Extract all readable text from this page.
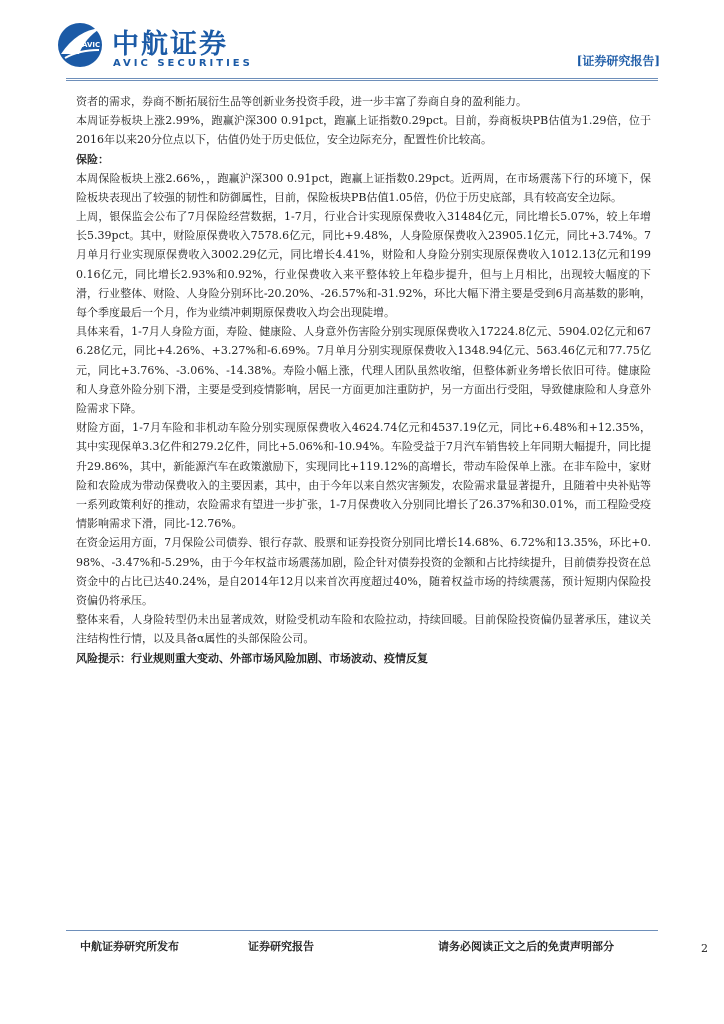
AVIC 中航证券
AVIC SECURITIES	[证券研究报告]

资者的需求，券商不断拓展衍生品等创新业务投资手段，进一步丰富了券商自身的盈利能力。

本周证券板块上涨2.99%，跑赢沪深300 0.91pct，跑赢上证指数0.29pct。目前，券商板块PB估值为1.29倍，位于2016年以来20分位点以下，估值仍处于历史低位，安全边际充分，配置性价比较高。

保险：

本周保险板块上涨2.66%，，跑赢沪深300 0.91pct，跑赢上证指数0.29pct。近两周，在市场震荡下行的环境下，保险板块表现出了较强的韧性和防御属性，目前，保险板块PB估值1.05倍，仍位于历史底部，具有较高安全边际。

上周，银保监会公布了7月保险经营数据，1-7月，行业合计实现原保费收入31484亿元，同比增长5.07%，较上年增长5.39pct。其中，财险原保费收入7578.6亿元，同比+9.48%，人身险原保费收入23905.1亿元，同比+3.74%。7月单月行业实现原保费收入3002.29亿元，同比增长4.41%，财险和人身险分别实现原保费收入1012.13亿元和1990.16亿元，同比增长2.93%和0.92%，行业保费收入来平整体较上年稳步提升，但与上月相比，出现较大幅度的下滑，行业整体、财险、人身险分别环比-20.20%、-26.57%和-31.92%，环比大幅下滑主要是受到6月高基数的影响，每个季度最后一个月，作为业绩冲刺期原保费收入均会出现陡增。

具体来看，1-7月人身险方面，寿险、健康险、人身意外伤害险分别实现原保费收入17224.8亿元、5904.02亿元和676.28亿元，同比+4.26%、+3.27%和-6.69%。7月单月分别实现原保费收入1348.94亿元、563.46亿元和77.75亿元，同比+3.76%、-3.06%、-14.38%。寿险小幅上涨，代理人团队虽然收缩，但整体新业务增长依旧可待。健康险和人身意外险分别下滑，主要是受到疫情影响，居民一方面更加注重防护，另一方面出行受阻，导致健康险和人身意外险需求下降。

财险方面，1-7月车险和非机动车险分别实现原保费收入4624.74亿元和4537.19亿元，同比+6.48%和+12.35%，其中实现保单3.3亿件和279.2亿件，同比+5.06%和-10.94%。车险受益于7月汽车销售较上年同期大幅提升，同比提升29.86%，其中，新能源汽车在政策激励下，实现同比+119.12%的高增长，带动车险保单上涨。在非车险中，家财险和农险成为带动保费收入的主要因素，其中，由于今年以来自然灾害频发，农险需求量显著提升，且随着中央补贴等一系列政策利好的推动，农险需求有望进一步扩张，1-7月保费收入分别同比增长了26.37%和30.01%，而工程险受疫情影响需求下滑，同比-12.76%。

在资金运用方面，7月保险公司债券、银行存款、股票和证券投资分别同比增长14.68%、6.72%和13.35%，环比+0.98%、-3.47%和-5.29%，由于今年权益市场震荡加剧，险企针对债券投资的金额和占比持续提升，目前债券投资在总资金中的占比已达40.24%，是自2014年12月以来首次再度超过40%，随着权益市场的持续震荡，预计短期内保险投资偏仍将承压。

整体来看，人身险转型仍未出显著成效，财险受机动车险和农险拉动，持续回暖。目前保险投资偏仍显著承压，建议关注结构性行情，以及具备α属性的头部保险公司。

风险提示：行业规则重大变动、外部市场风险加剧、市场波动、疫情反复

中航证券研究所发布	证券研究报告	请务必阅读正文之后的免责声明部分	2
